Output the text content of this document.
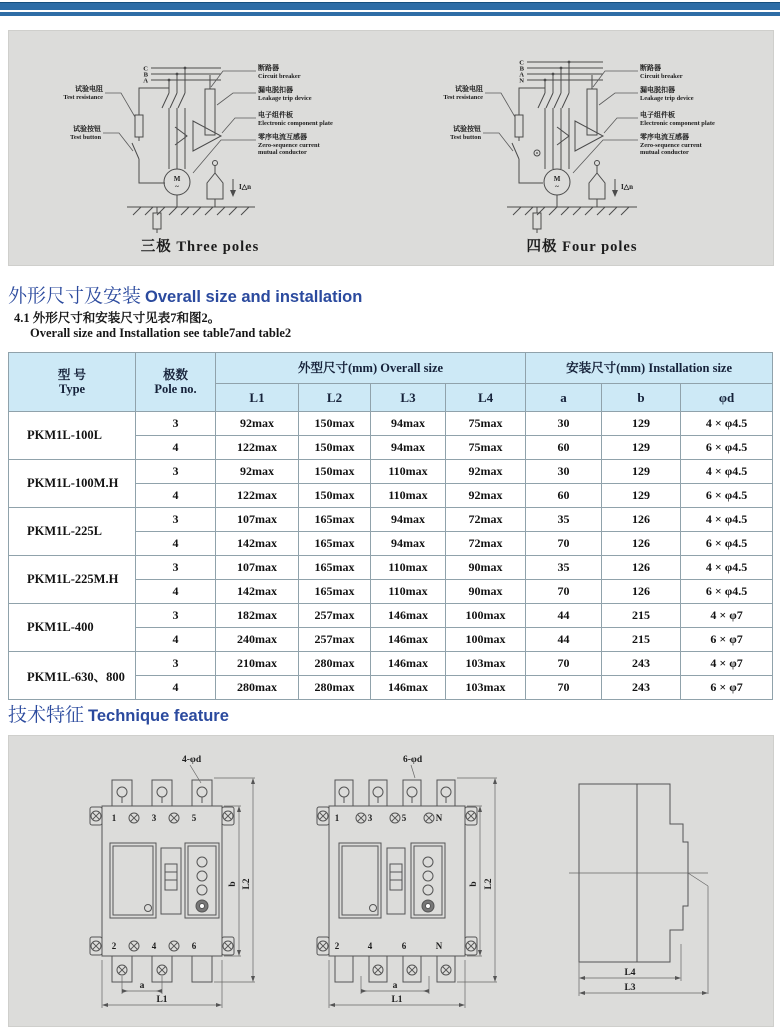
C
B
A
断路器
Circuit breaker
漏电脱扣器
Leakage trip device
电子组件板
Electronic component plate
零序电流互感器
Zero-sequence current
mutual conductor
试验电阻
Test resistance
试验按钮
Test button
M
~	I△n
三极 Three poles
C
B
A
N
断路器
Circuit breaker
漏电脱扣器
Leakage trip device
电子组件板
Electronic component plate
零序电流互感器
Zero-sequence current
mutual conductor
试验电阻
Test resistance
试验按钮
Test button
M
~	I△n
四极 Four poles
外形尺寸及安装 Overall size and installation
4.1 外形尺寸和安装尺寸见表7和图2。
Overall size and Installation see table7and table2
型 号
Type

极数
Pole no.
	外型尺寸(mm) Overall size	安装尺寸(mm) Installation size
		L1	L2	L3	L4	a	b	φd
PKM1L-100L	3	92max	150max	94max	75max	30	129	4 × φ4.5
	4	122max	150max	94max	75max	60	129	6 × φ4.5
PKM1L-100M.H	3	92max	150max	110max	92max	30	129	4 × φ4.5
	4	122max	150max	110max	92max	60	129	6 × φ4.5
PKM1L-225L	3	107max	165max	94max	72max	35	126	4 × φ4.5
	4	142max	165max	94max	72max	70	126	6 × φ4.5
PKM1L-225M.H	3	107max	165max	110max	90max	35	126	4 × φ4.5
	4	142max	165max	110max	90max	70	126	6 × φ4.5
PKM1L-400	3	182max	257max	146max	100max	44	215	4 × φ7
	4	240max	257max	146max	100max	44	215	6 × φ7
PKM1L-630、800	3	210max	280max	146max	103max	70	243	4 × φ7
	4	280max	280max	146max	103max	70	243	6 × φ7
技术特征 Technique feature
1	3	5
2	4	6
4-φd
b L2
a
L1
1	3	5	N
2	4	6	N
6-φd
b L2
a
L1
L4
L3
